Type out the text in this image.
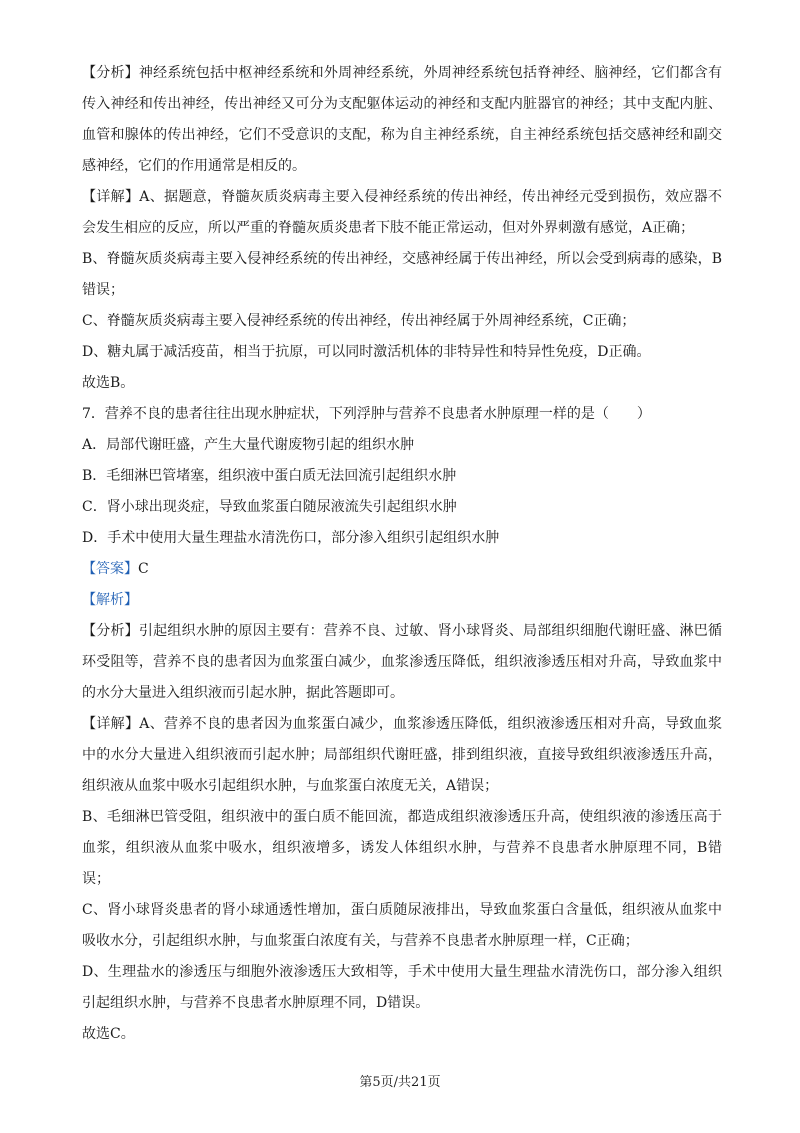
【分析】神经系统包括中枢神经系统和外周神经系统，外周神经系统包括脊神经、脑神经，它们都含有传入神经和传出神经，传出神经又可分为支配躯体运动的神经和支配内脏器官的神经；其中支配内脏、血管和腺体的传出神经，它们不受意识的支配，称为自主神经系统，自主神经系统包括交感神经和副交感神经，它们的作用通常是相反的。

【详解】A、据题意，脊髓灰质炎病毒主要入侵神经系统的传出神经，传出神经元受到损伤，效应器不会发生相应的反应，所以严重的脊髓灰质炎患者下肢不能正常运动，但对外界刺激有感觉，A正确；

B、脊髓灰质炎病毒主要入侵神经系统的传出神经，交感神经属于传出神经，所以会受到病毒的感染，B错误；

C、脊髓灰质炎病毒主要入侵神经系统的传出神经，传出神经属于外周神经系统，C正确；

D、糖丸属于减活疫苗，相当于抗原，可以同时激活机体的非特异性和特异性免疫，D正确。

故选B。

7．营养不良的患者往往出现水肿症状，下列浮肿与营养不良患者水肿原理一样的是（　　）

A．局部代谢旺盛，产生大量代谢废物引起的组织水肿

B．毛细淋巴管堵塞，组织液中蛋白质无法回流引起组织水肿

C．肾小球出现炎症，导致血浆蛋白随尿液流失引起组织水肿

D．手术中使用大量生理盐水清洗伤口，部分渗入组织引起组织水肿

【答案】C

【解析】

【分析】引起组织水肿的原因主要有：营养不良、过敏、肾小球肾炎、局部组织细胞代谢旺盛、淋巴循环受阻等，营养不良的患者因为血浆蛋白减少，血浆渗透压降低，组织液渗透压相对升高，导致血浆中的水分大量进入组织液而引起水肿，据此答题即可。

【详解】A、营养不良的患者因为血浆蛋白减少，血浆渗透压降低，组织液渗透压相对升高，导致血浆中的水分大量进入组织液而引起水肿；局部组织代谢旺盛，排到组织液，直接导致组织液渗透压升高，组织液从血浆中吸水引起组织水肿，与血浆蛋白浓度无关，A错误；

B、毛细淋巴管受阻，组织液中的蛋白质不能回流，都造成组织液渗透压升高，使组织液的渗透压高于血浆，组织液从血浆中吸水，组织液增多，诱发人体组织水肿，与营养不良患者水肿原理不同，B错误；

C、肾小球肾炎患者的肾小球通透性增加，蛋白质随尿液排出，导致血浆蛋白含量低，组织液从血浆中吸收水分，引起组织水肿，与血浆蛋白浓度有关，与营养不良患者水肿原理一样，C正确；

D、生理盐水的渗透压与细胞外液渗透压大致相等，手术中使用大量生理盐水清洗伤口，部分渗入组织引起组织水肿，与营养不良患者水肿原理不同，D错误。

故选C。

第5页/共21页
